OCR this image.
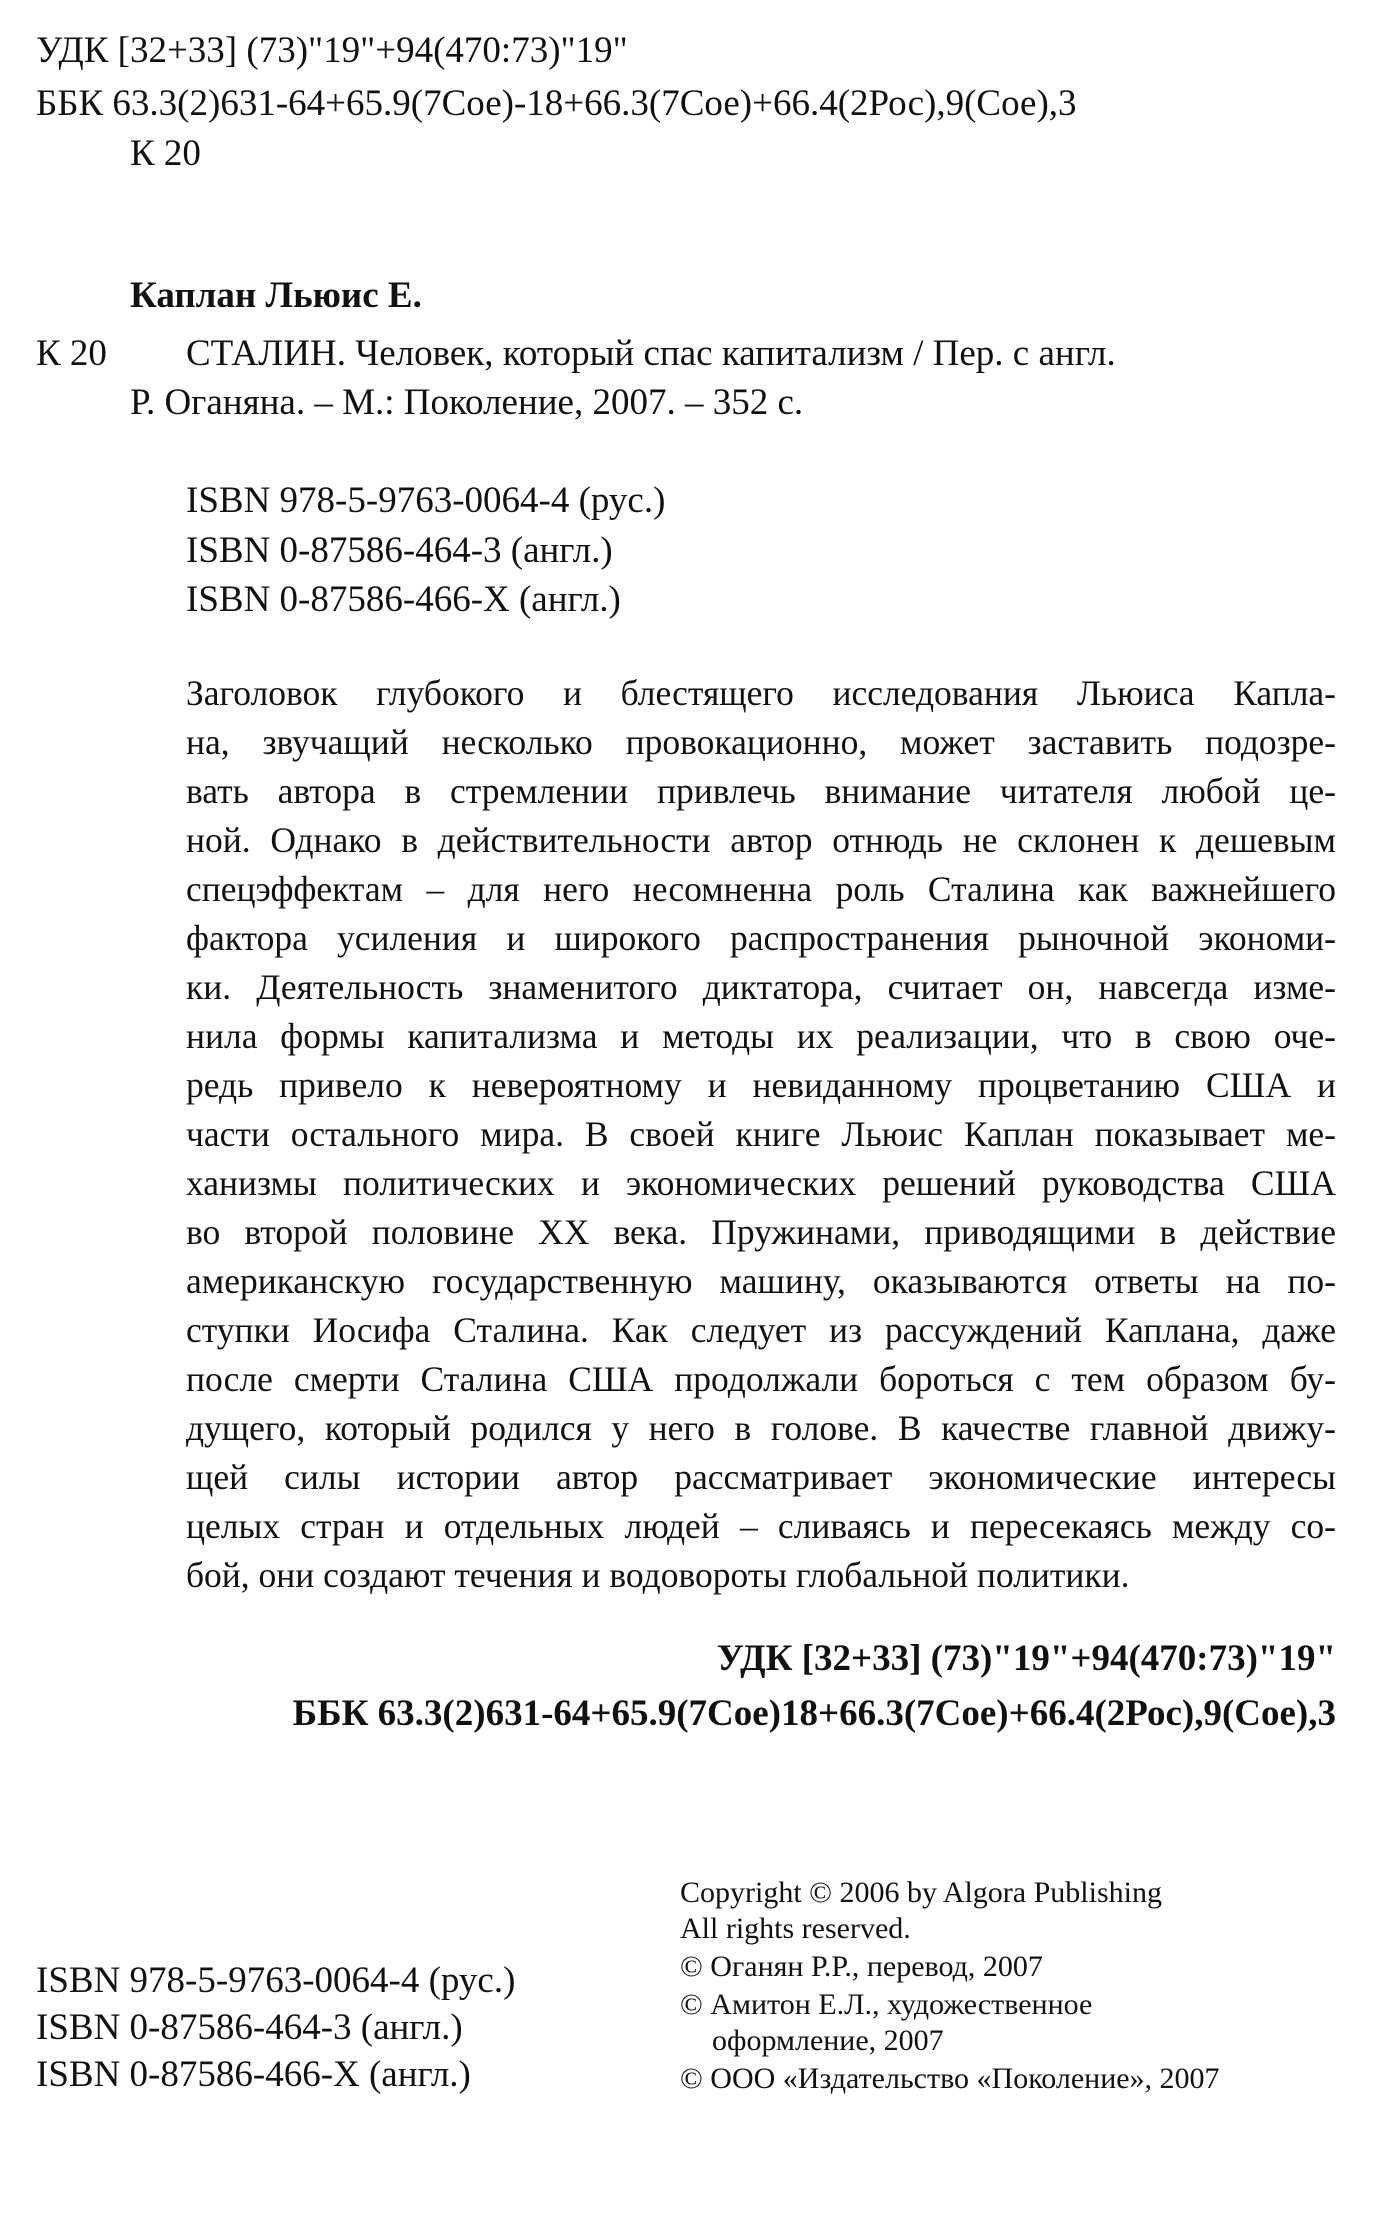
УДК [32+33] (73)"19"+94(470:73)"19"
ББК 63.3(2)631-64+65.9(7Сое)-18+66.3(7Сое)+66.4(2Рос),9(Сое),3
К 20
Каплан Льюис Е.
К 20 СТАЛИН. Человек, который спас капитализм / Пер. с англ.
Р. Оганяна. – М.: Поколение, 2007. – 352 с.
ISBN 978-5-9763-0064-4 (рус.)
ISBN 0-87586-464-3 (англ.)
ISBN 0-87586-466-X (англ.)
Заголовок глубокого и блестящего исследования Льюиса Капла-
на, звучащий несколько провокационно, может заставить подозре-
вать автора в стремлении привлечь внимание читателя любой це-
ной. Однако в действительности автор отнюдь не склонен к дешевым
спецэффектам – для него несомненна роль Сталина как важнейшего
фактора усиления и широкого распространения рыночной экономи-
ки. Деятельность знаменитого диктатора, считает он, навсегда изме-
нила формы капитализма и методы их реализации, что в свою оче-
редь привело к невероятному и невиданному процветанию США и
части остального мира. В своей книге Льюис Каплан показывает ме-
ханизмы политических и экономических решений руководства США
во второй половине XX века. Пружинами, приводящими в действие
американскую государственную машину, оказываются ответы на по-
ступки Иосифа Сталина. Как следует из рассуждений Каплана, даже
после смерти Сталина США продолжали бороться с тем образом бу-
дущего, который родился у него в голове. В качестве главной движу-
щей силы истории автор рассматривает экономические интересы
целых стран и отдельных людей – сливаясь и пересекаясь между со-
бой, они создают течения и водовороты глобальной политики.
УДК [32+33] (73)"19"+94(470:73)"19"
ББК 63.3(2)631-64+65.9(7Сое)18+66.3(7Сое)+66.4(2Рос),9(Сое),3
Copyright © 2006 by Algora Publishing
All rights reserved.
© Оганян Р.Р., перевод, 2007
© Амитон Е.Л., художественное
оформление, 2007
© ООО «Издательство «Поколение», 2007
ISBN 978-5-9763-0064-4 (рус.)
ISBN 0-87586-464-3 (англ.)
ISBN 0-87586-466-X (англ.)
